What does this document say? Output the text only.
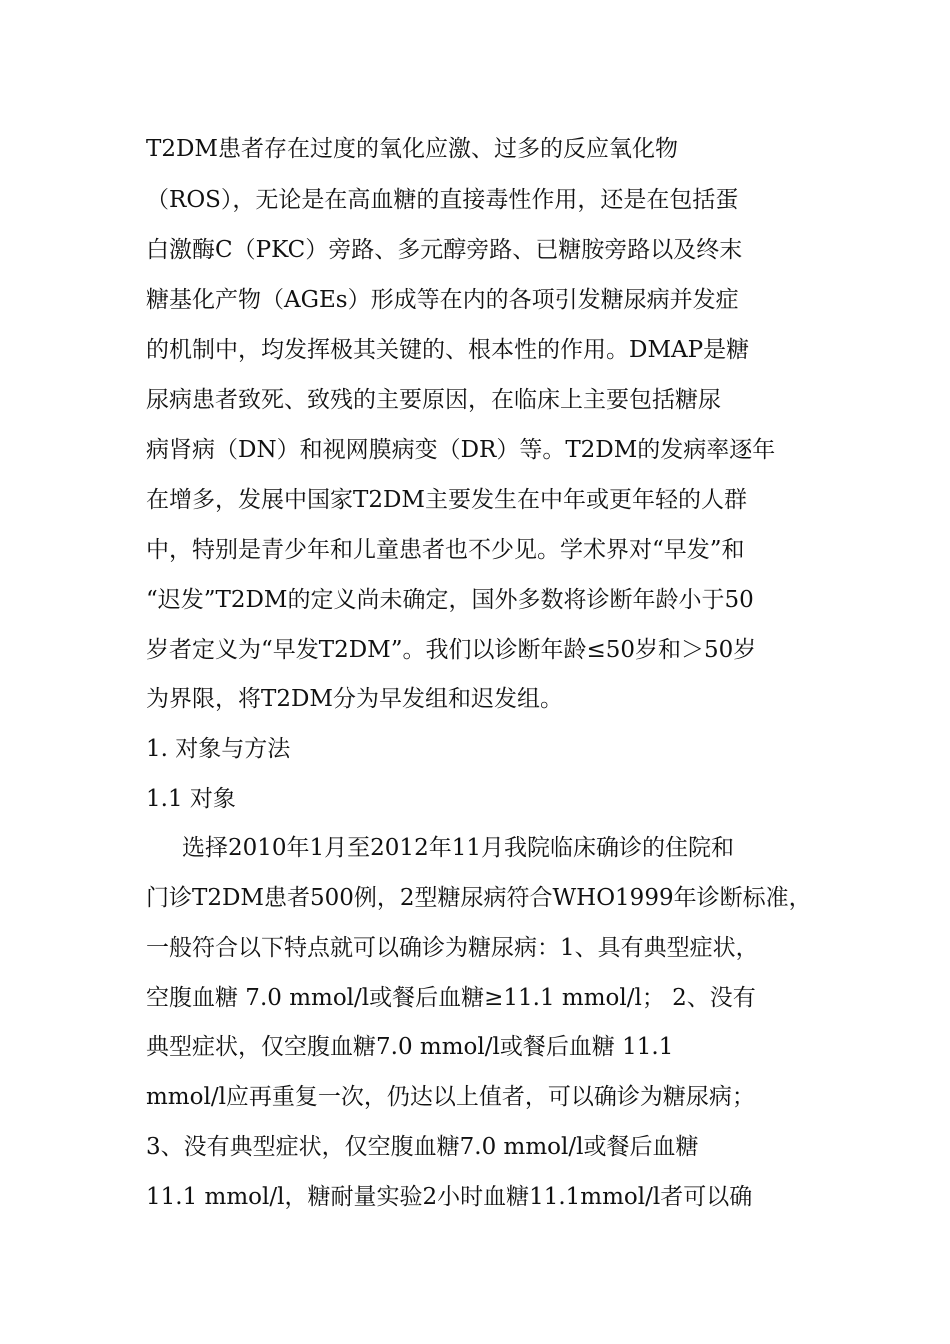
T2DM患者存在过度的氧化应激、过多的反应氧化物
（ROS），无论是在高血糖的直接毒性作用，还是在包括蛋
白激酶C（PKC）旁路、多元醇旁路、已糖胺旁路以及终末
糖基化产物（AGEs）形成等在内的各项引发糖尿病并发症
的机制中，均发挥极其关键的、根本性的作用。DMAP是糖
尿病患者致死、致残的主要原因，在临床上主要包括糖尿
病肾病（DN）和视网膜病变（DR）等。T2DM的发病率逐年
在增多，发展中国家T2DM主要发生在中年或更年轻的人群
中，特别是青少年和儿童患者也不少见。学术界对“早发”和
“迟发”T2DM的定义尚未确定，国外多数将诊断年龄小于50
岁者定义为“早发T2DM”。我们以诊断年龄≤50岁和＞50岁
为界限，将T2DM分为早发组和迟发组。
1. 对象与方法
1.1 对象
选择2010年1月至2012年11月我院临床确诊的住院和
门诊T2DM患者500例，2型糖尿病符合WHO1999年诊断标准，
一般符合以下特点就可以确诊为糖尿病：1、具有典型症状，
空腹血糖 7.0 mmol/l或餐后血糖≥11.1 mmol/l； 2、没有
典型症状，仅空腹血糖7.0 mmol/l或餐后血糖 11.1
mmol/l应再重复一次，仍达以上值者，可以确诊为糖尿病；
3、没有典型症状，仅空腹血糖7.0 mmol/l或餐后血糖
11.1 mmol/l，糖耐量实验2小时血糖11.1mmol/l者可以确
